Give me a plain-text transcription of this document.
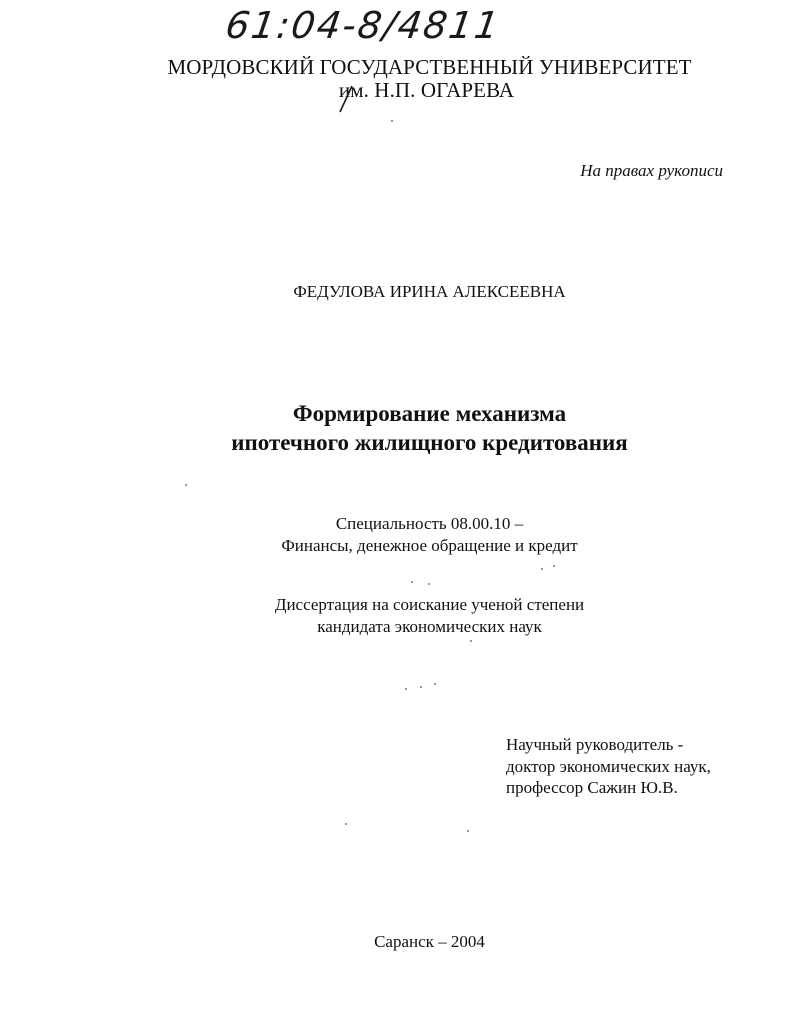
61:04-8/4811
МОРДОВСКИЙ ГОСУДАРСТВЕННЫЙ УНИВЕРСИТЕТ
им. Н.П. ОГАРЕВА
На правах рукописи
ФЕДУЛОВА ИРИНА АЛЕКСЕЕВНА
Формирование механизма
ипотечного жилищного кредитования
Специальность 08.00.10 –
Финансы, денежное обращение и кредит
Диссертация на соискание ученой степени
кандидата экономических наук
Научный руководитель -
доктор экономических наук,
профессор Сажин Ю.В.
Саранск – 2004
